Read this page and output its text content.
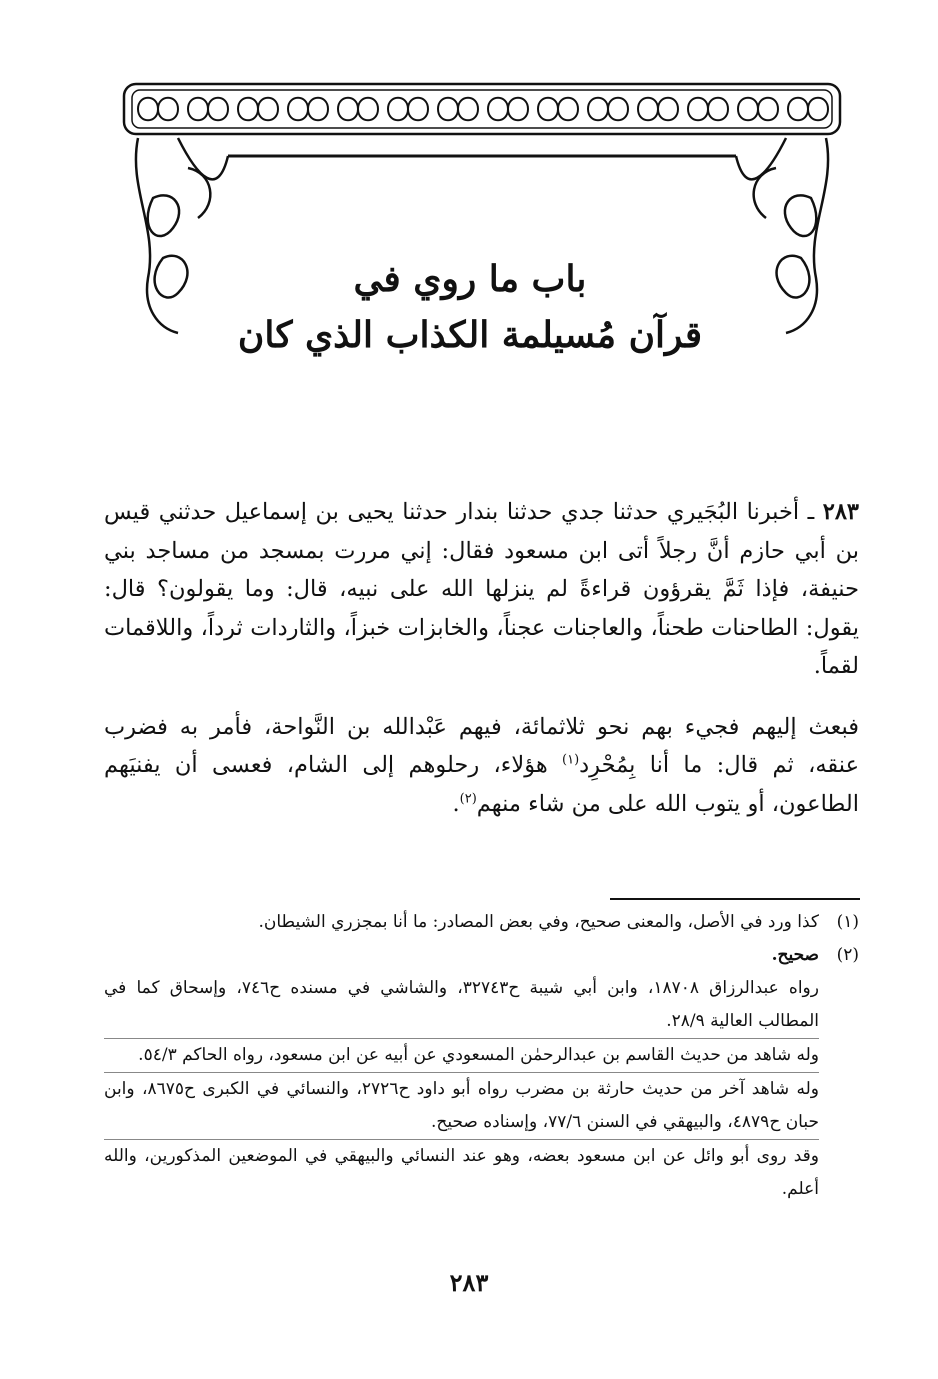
باب ما روي في
قرآن مُسيلمة الكذاب الذي كان

٢٨٣ ـ أخبرنا البُجَيري حدثنا جدي حدثنا بندار حدثنا يحيى بن إسماعيل حدثني قيس بن أبي حازم أنَّ رجلاً أتى ابن مسعود فقال: إني مررت بمسجد من مساجد بني حنيفة، فإذا ثَمَّ يقرؤون قراءةً لم ينزلها الله على نبيه، قال: وما يقولون؟ قال: يقول: الطاحنات طحناً، والعاجنات عجناً، والخابزات خبزاً، والثاردات ثرداً، واللاقمات لقماً.

فبعث إليهم فجيء بهم نحو ثلاثمائة، فيهم عَبْدالله بن النَّواحة، فأمر به فضرب عنقه، ثم قال: ما أنا بِمُحْرِد$^{(١)}$ هؤلاء، رحلوهم إلى الشام، فعسى أن يفنيَهم الطاعون، أو يتوب الله على من شاء منهم$^{(٢)}$.

(١)
كذا ورد في الأصل، والمعنى صحيح، وفي بعض المصادر: ما أنا بمجزري الشيطان.
(٢)
صحيح.
رواه عبدالرزاق ١٨٧٠٨، وابن أبي شيبة ح٣٢٧٤٣، والشاشي في مسنده ح٧٤٦، وإسحاق كما في المطالب العالية ٢٨/٩.
وله شاهد من حديث القاسم بن عبدالرحمٰن المسعودي عن أبيه عن ابن مسعود، رواه الحاكم ٥٤/٣.
وله شاهد آخر من حديث حارثة بن مضرب رواه أبو داود ح٢٧٢٦، والنسائي في الكبرى ح٨٦٧٥، وابن حبان ح٤٨٧٩، والبيهقي في السنن ٧٧/٦، وإسناده صحيح.
وقد روى أبو وائل عن ابن مسعود بعضه، وهو عند النسائي والبيهقي في الموضعين المذكورين، والله أعلم.
٢٨٣
